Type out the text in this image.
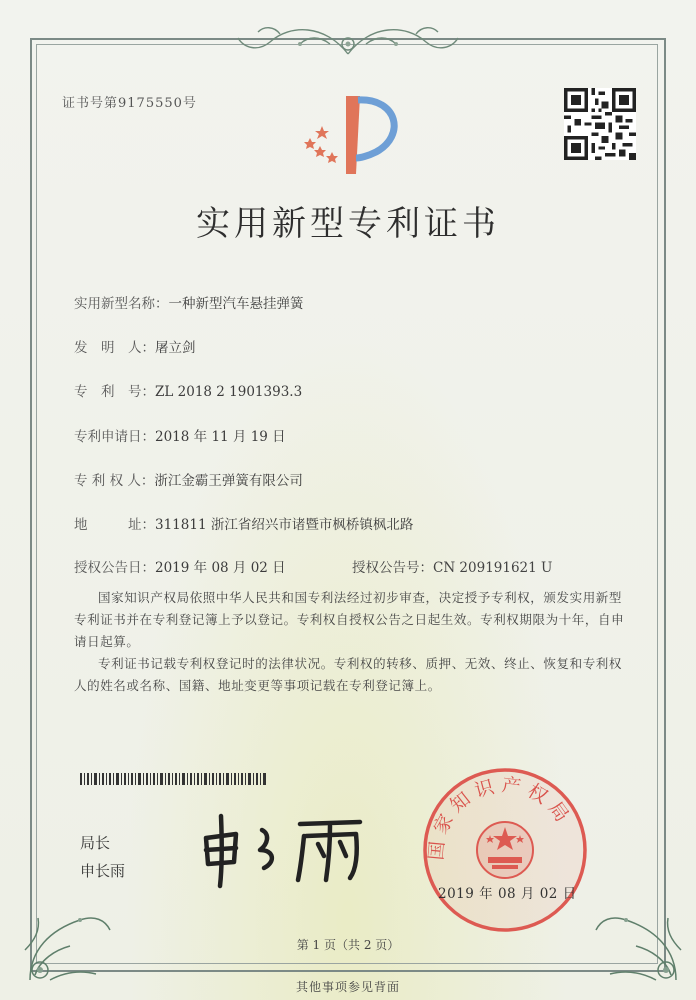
证书号第9175550号
实用新型专利证书
实用新型名称：一种新型汽车悬挂弹簧
发　明　人：屠立剑
专　利　号：ZL 2018 2 1901393.3
专利申请日：2018 年 11 月 19 日
专 利 权 人：浙江金霸王弹簧有限公司
地　　　址：311811 浙江省绍兴市诸暨市枫桥镇枫北路
授权公告日：2019 年 08 月 02 日	授权公告号：CN 209191621 U
国家知识产权局依照中华人民共和国专利法经过初步审查，决定授予专利权，颁发实用新型专利证书并在专利登记簿上予以登记。专利权自授权公告之日起生效。专利权期限为十年，自申请日起算。
专利证书记载专利权登记时的法律状况。专利权的转移、质押、无效、终止、恢复和专利权人的姓名或名称、国籍、地址变更等事项记载在专利登记簿上。
局长
申长雨
国家知识产权局
2019 年 08 月 02 日
第 1 页（共 2 页）
其他事项参见背面
